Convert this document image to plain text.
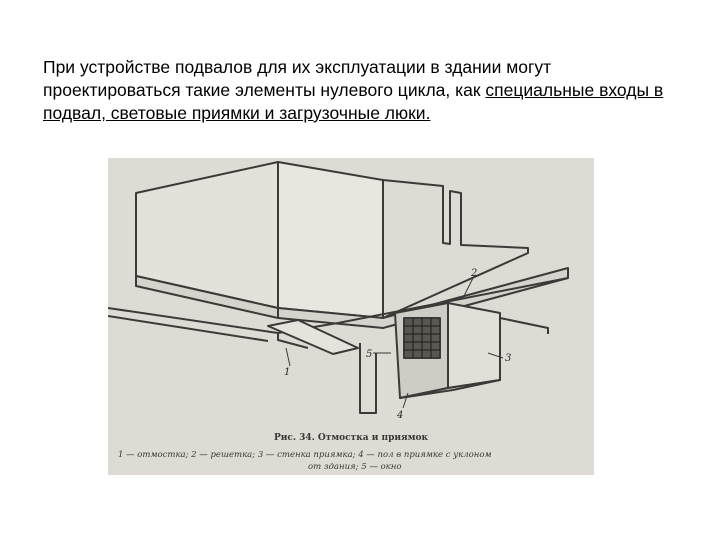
При устройстве подвалов для их эксплуатации в здании могут проектироваться такие элементы нулевого цикла, как специальные входы в подвал, световые приямки и загрузочные люки.

1
2
3
4
5
Рис. 34. Отмостка и приямок
1 — отмостка; 2 — решетка; 3 — стенка приямка; 4 — пол в приямке с уклоном
от здания; 5 — окно
